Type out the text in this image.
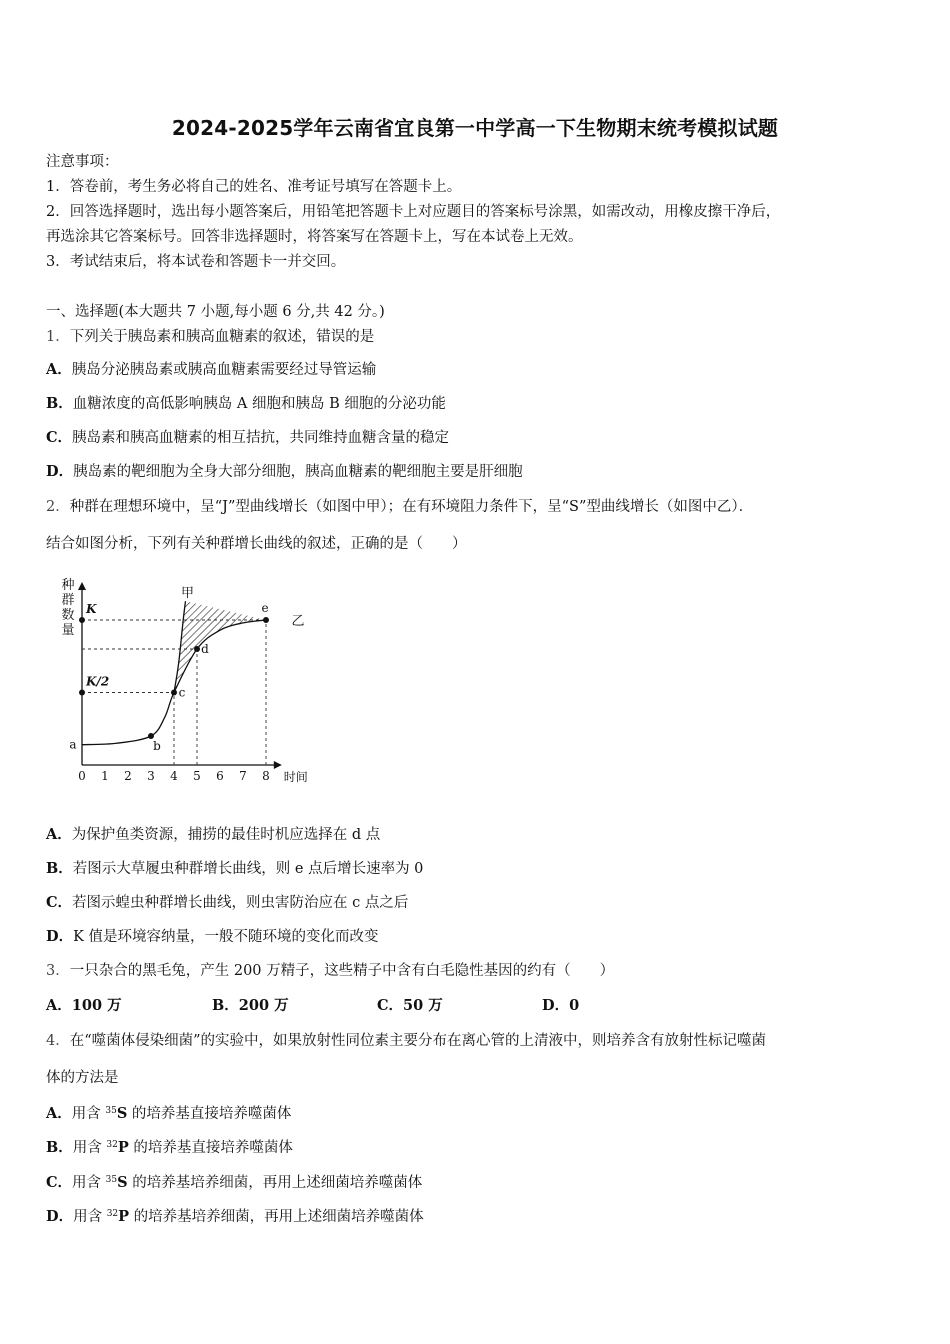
2024-2025学年云南省宜良第一中学高一下生物期末统考模拟试题
注意事项：
1．答卷前，考生务必将自己的姓名、准考证号填写在答题卡上。
2．回答选择题时，选出每小题答案后，用铅笔把答题卡上对应题目的答案标号涂黑，如需改动，用橡皮擦干净后，
再选涂其它答案标号。回答非选择题时，将答案写在答题卡上，写在本试卷上无效。
3．考试结束后，将本试卷和答题卡一并交回。
一、选择题(本大题共 7 小题,每小题 6 分,共 42 分。)
1．下列关于胰岛素和胰高血糖素的叙述，错误的是
A．胰岛分泌胰岛素或胰高血糖素需要经过导管运输
B．血糖浓度的高低影响胰岛 A 细胞和胰岛 B 细胞的分泌功能
C．胰岛素和胰高血糖素的相互拮抗，共同维持血糖含量的稳定
D．胰岛素的靶细胞为全身大部分细胞，胰高血糖素的靶细胞主要是肝细胞
2．种群在理想环境中，呈“J”型曲线增长（如图中甲）；在有环境阻力条件下，呈“S”型曲线增长（如图中乙）．
结合如图分析，下列有关种群增长曲线的叙述，正确的是（　　）
种
群
数
量
0 1 2 3 4 5 6 7 8 时间
甲
乙
K
K/2
a	b
c
d
e
A．为保护鱼类资源，捕捞的最佳时机应选择在 d 点
B．若图示大草履虫种群增长曲线，则 e 点后增长速率为 0
C．若图示蝗虫种群增长曲线，则虫害防治应在 c 点之后
D．K 值是环境容纳量，一般不随环境的变化而改变
3．一只杂合的黑毛兔，产生 200 万精子，这些精子中含有白毛隐性基因的约有（　　）
A．100 万	B．200 万	C．50 万	D．0
4．在“噬菌体侵染细菌”的实验中，如果放射性同位素主要分布在离心管的上清液中，则培养含有放射性标记噬菌
体的方法是
A．用含 $^{35}$S 的培养基直接培养噬菌体
B．用含 $^{32}$P 的培养基直接培养噬菌体
C．用含 $^{35}$S 的培养基培养细菌，再用上述细菌培养噬菌体
D．用含 $^{32}$P 的培养基培养细菌，再用上述细菌培养噬菌体
